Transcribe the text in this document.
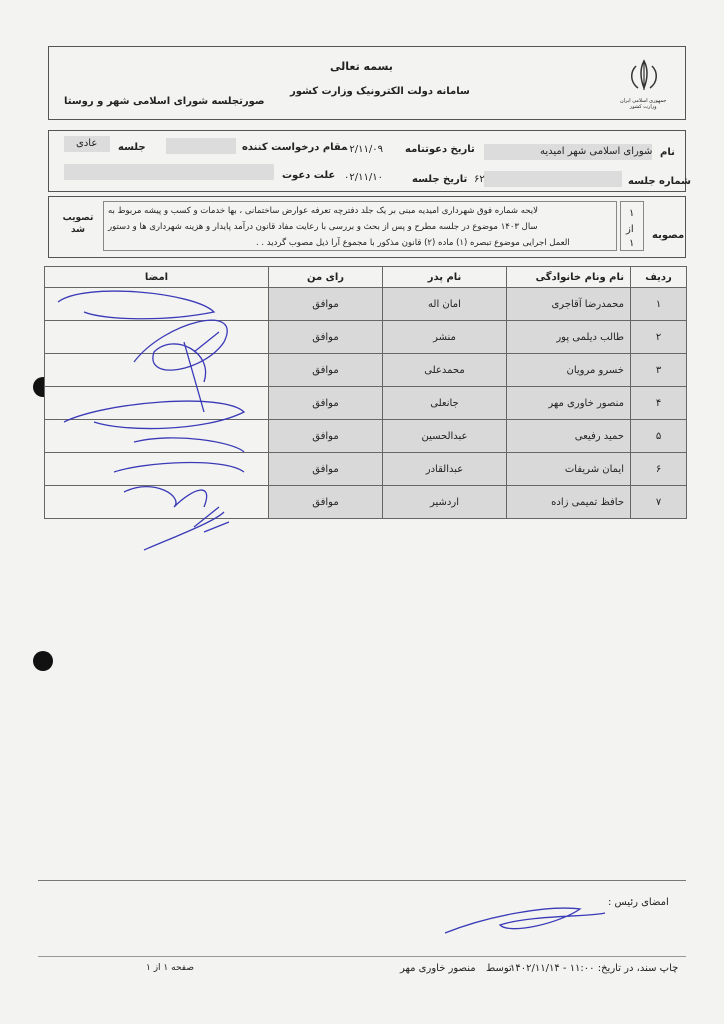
بسمه تعالی
سامانه دولت الکترونیک وزارت کشور
صورتجلسه شورای اسلامی شهر و روستا	جمهوری اسلامی ایران
وزارت کشور
نام
شورای اسلامی شهر امیدیه
تاریخ دعوتنامه
۰۲/۱۱/۰۹
مقام درخواست کننده
جلسه
عادی
شماره جلسه
۶۲
تاریخ جلسه
۰۲/۱۱/۱۰
علت دعوت
مصوبه
۱
از
۱
لایحه شماره فوق شهرداری امیدیه مبنی بر یک جلد دفترچه تعرفه عوارض ساختمانی ، بها خدمات و کسب و پیشه مربوط به
سال ۱۴۰۳ موضوع در جلسه مطرح و پس از بحث و بررسی با رعایت مفاد قانون درآمد پایدار و هزینه شهرداری ها و دستور
العمل اجرایی موضوع تبصره (۱) ماده (۲) قانون مذکور با مجموع آرا ذیل مصوب گردید . .
تصویب شد
ردیف	نام ونام خانوادگی	نام پدر	رای من	امضا
۱	محمدرضا آقاجری	امان اله	موافق	
۲	طالب دیلمی پور	منشر	موافق	
۳	خسرو مرویان	محمدعلی	موافق	
۴	منصور خاوری مهر	جانعلی	موافق	
۵	حمید رفیعی	عبدالحسین	موافق	
۶	ایمان شریفات	عبدالقادر	موافق	
۷	حافظ تمیمی زاده	اردشیر	موافق	
امضای رئیس :
چاپ سند، در تاریخ: ۱۱:۰۰ - ۱۴۰۲/۱۱/۱۴
توسط
منصور خاوری مهر
صفحه ۱ از ۱
